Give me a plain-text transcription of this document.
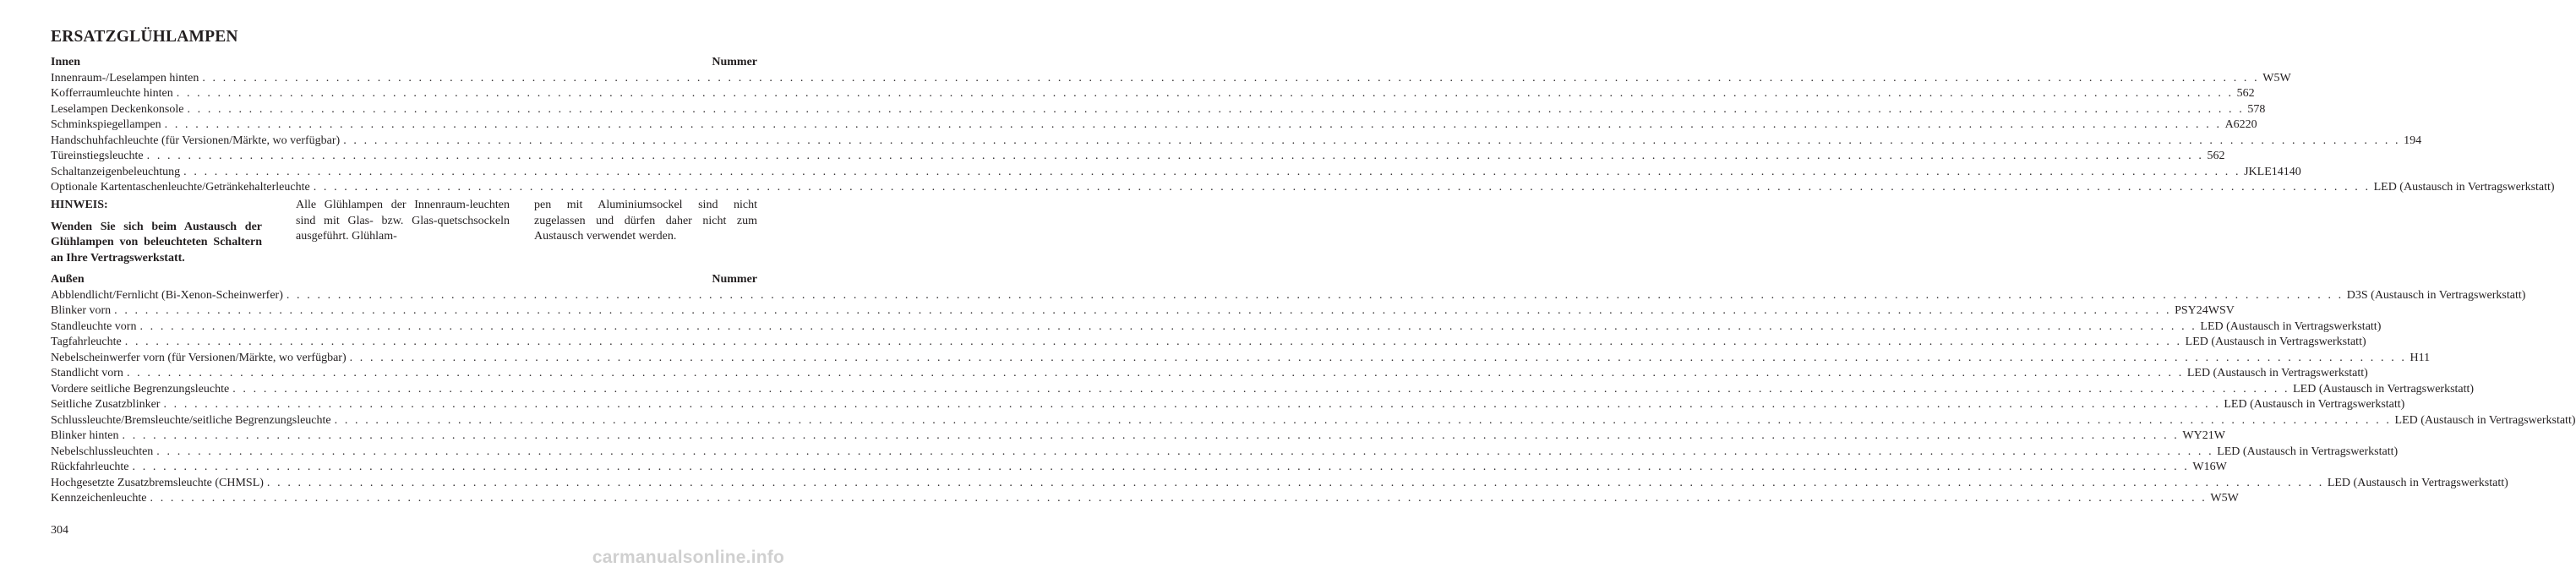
ERSATZGLÜHLAMPEN
Innen	Nummer
Innenraum-/Leselampen hinten . . . . . . . . . . . . . . . . . . . . . . . . . . . . . . . . . . . . . . . . . . . . . . . . . . . . . . . . . . . . . . . . . . . . . . . . . . . . . . . . . . . . . . . . . . . . . . . . . . . . . . . . . . . . . . . . . . . . . . . . . . . . . . . . . . . . . . . . . . . . . . . . . . . . . . . . . . . . . . . . . . . . . . . . . . . . . . . . . . . . . . . . . . . . . . . . . . . . . . . . W5W
Kofferraumleuchte hinten . . . . . . . . . . . . . . . . . . . . . . . . . . . . . . . . . . . . . . . . . . . . . . . . . . . . . . . . . . . . . . . . . . . . . . . . . . . . . . . . . . . . . . . . . . . . . . . . . . . . . . . . . . . . . . . . . . . . . . . . . . . . . . . . . . . . . . . . . . . . . . . . . . . . . . . . . . . . . . . . . . . . . . . . . . . . . . . . . . . . . . . . . . . . . . . . . . . . . . . . 562
Leselampen Deckenkonsole . . . . . . . . . . . . . . . . . . . . . . . . . . . . . . . . . . . . . . . . . . . . . . . . . . . . . . . . . . . . . . . . . . . . . . . . . . . . . . . . . . . . . . . . . . . . . . . . . . . . . . . . . . . . . . . . . . . . . . . . . . . . . . . . . . . . . . . . . . . . . . . . . . . . . . . . . . . . . . . . . . . . . . . . . . . . . . . . . . . . . . . . . . . . . . . . . . . . . . . . 578
Schminkspiegellampen . . . . . . . . . . . . . . . . . . . . . . . . . . . . . . . . . . . . . . . . . . . . . . . . . . . . . . . . . . . . . . . . . . . . . . . . . . . . . . . . . . . . . . . . . . . . . . . . . . . . . . . . . . . . . . . . . . . . . . . . . . . . . . . . . . . . . . . . . . . . . . . . . . . . . . . . . . . . . . . . . . . . . . . . . . . . . . . . . . . . . . . . . . . . . . . . . . . . . . . . A6220
Handschuhfachleuchte (für Versionen/Märkte, wo verfügbar) . . . . . . . . . . . . . . . . . . . . . . . . . . . . . . . . . . . . . . . . . . . . . . . . . . . . . . . . . . . . . . . . . . . . . . . . . . . . . . . . . . . . . . . . . . . . . . . . . . . . . . . . . . . . . . . . . . . . . . . . . . . . . . . . . . . . . . . . . . . . . . . . . . . . . . . . . . . . . . . . . . . . . . . . . . . . . . . . . . . . . . . . . . . . . . . . . . . . . . . . 194
Türeinstiegsleuchte . . . . . . . . . . . . . . . . . . . . . . . . . . . . . . . . . . . . . . . . . . . . . . . . . . . . . . . . . . . . . . . . . . . . . . . . . . . . . . . . . . . . . . . . . . . . . . . . . . . . . . . . . . . . . . . . . . . . . . . . . . . . . . . . . . . . . . . . . . . . . . . . . . . . . . . . . . . . . . . . . . . . . . . . . . . . . . . . . . . . . . . . . . . . . . . . . . . . . . . . 562
Schaltanzeigenbeleuchtung . . . . . . . . . . . . . . . . . . . . . . . . . . . . . . . . . . . . . . . . . . . . . . . . . . . . . . . . . . . . . . . . . . . . . . . . . . . . . . . . . . . . . . . . . . . . . . . . . . . . . . . . . . . . . . . . . . . . . . . . . . . . . . . . . . . . . . . . . . . . . . . . . . . . . . . . . . . . . . . . . . . . . . . . . . . . . . . . . . . . . . . . . . . . . . . . . . . . . . . . JKLE14140
Optionale Kartentaschenleuchte/Getränkehalterleuchte . . . . . . . . . . . . . . . . . . . . . . . . . . . . . . . . . . . . . . . . . . . . . . . . . . . . . . . . . . . . . . . . . . . . . . . . . . . . . . . . . . . . . . . . . . . . . . . . . . . . . . . . . . . . . . . . . . . . . . . . . . . . . . . . . . . . . . . . . . . . . . . . . . . . . . . . . . . . . . . . . . . . . . . . . . . . . . . . . . . . . . . . . . . . . . . . . . . . . . . . LED (Austausch in Vertragswerkstatt)
HINWEIS:
Wenden Sie sich beim Austausch der Glühlampen von beleuchteten Schaltern an Ihre Vertragswerkstatt.
Alle Glühlampen der Innenraum-leuchten sind mit Glas- bzw. Glas-quetschsockeln ausgeführt. Glühlam-
pen mit Aluminiumsockel sind nicht zugelassen und dürfen daher nicht zum Austausch verwendet werden.
Außen	Nummer
Abblendlicht/Fernlicht (Bi-Xenon-Scheinwerfer) . . . . . . . . . . . . . . . . . . . . . . . . . . . . . . . . . . . . . . . . . . . . . . . . . . . . . . . . . . . . . . . . . . . . . . . . . . . . . . . . . . . . . . . . . . . . . . . . . . . . . . . . . . . . . . . . . . . . . . . . . . . . . . . . . . . . . . . . . . . . . . . . . . . . . . . . . . . . . . . . . . . . . . . . . . . . . . . . . . . . . . . . . . . . . . . . . . . . . . . . D3S (Austausch in Vertragswerkstatt)
Blinker vorn . . . . . . . . . . . . . . . . . . . . . . . . . . . . . . . . . . . . . . . . . . . . . . . . . . . . . . . . . . . . . . . . . . . . . . . . . . . . . . . . . . . . . . . . . . . . . . . . . . . . . . . . . . . . . . . . . . . . . . . . . . . . . . . . . . . . . . . . . . . . . . . . . . . . . . . . . . . . . . . . . . . . . . . . . . . . . . . . . . . . . . . . . . . . . . . . . . . . . . . . PSY24WSV
Standleuchte vorn . . . . . . . . . . . . . . . . . . . . . . . . . . . . . . . . . . . . . . . . . . . . . . . . . . . . . . . . . . . . . . . . . . . . . . . . . . . . . . . . . . . . . . . . . . . . . . . . . . . . . . . . . . . . . . . . . . . . . . . . . . . . . . . . . . . . . . . . . . . . . . . . . . . . . . . . . . . . . . . . . . . . . . . . . . . . . . . . . . . . . . . . . . . . . . . . . . . . . . . . LED (Austausch in Vertragswerkstatt)
Tagfahrleuchte . . . . . . . . . . . . . . . . . . . . . . . . . . . . . . . . . . . . . . . . . . . . . . . . . . . . . . . . . . . . . . . . . . . . . . . . . . . . . . . . . . . . . . . . . . . . . . . . . . . . . . . . . . . . . . . . . . . . . . . . . . . . . . . . . . . . . . . . . . . . . . . . . . . . . . . . . . . . . . . . . . . . . . . . . . . . . . . . . . . . . . . . . . . . . . . . . . . . . . . . LED (Austausch in Vertragswerkstatt)
Nebelscheinwerfer vorn (für Versionen/Märkte, wo verfügbar) . . . . . . . . . . . . . . . . . . . . . . . . . . . . . . . . . . . . . . . . . . . . . . . . . . . . . . . . . . . . . . . . . . . . . . . . . . . . . . . . . . . . . . . . . . . . . . . . . . . . . . . . . . . . . . . . . . . . . . . . . . . . . . . . . . . . . . . . . . . . . . . . . . . . . . . . . . . . . . . . . . . . . . . . . . . . . . . . . . . . . . . . . . . . . . . . . . . . . . . . H11
Standlicht vorn . . . . . . . . . . . . . . . . . . . . . . . . . . . . . . . . . . . . . . . . . . . . . . . . . . . . . . . . . . . . . . . . . . . . . . . . . . . . . . . . . . . . . . . . . . . . . . . . . . . . . . . . . . . . . . . . . . . . . . . . . . . . . . . . . . . . . . . . . . . . . . . . . . . . . . . . . . . . . . . . . . . . . . . . . . . . . . . . . . . . . . . . . . . . . . . . . . . . . . . . LED (Austausch in Vertragswerkstatt)
Vordere seitliche Begrenzungsleuchte . . . . . . . . . . . . . . . . . . . . . . . . . . . . . . . . . . . . . . . . . . . . . . . . . . . . . . . . . . . . . . . . . . . . . . . . . . . . . . . . . . . . . . . . . . . . . . . . . . . . . . . . . . . . . . . . . . . . . . . . . . . . . . . . . . . . . . . . . . . . . . . . . . . . . . . . . . . . . . . . . . . . . . . . . . . . . . . . . . . . . . . . . . . . . . . . . . . . . . . . LED (Austausch in Vertragswerkstatt)
Seitliche Zusatzblinker . . . . . . . . . . . . . . . . . . . . . . . . . . . . . . . . . . . . . . . . . . . . . . . . . . . . . . . . . . . . . . . . . . . . . . . . . . . . . . . . . . . . . . . . . . . . . . . . . . . . . . . . . . . . . . . . . . . . . . . . . . . . . . . . . . . . . . . . . . . . . . . . . . . . . . . . . . . . . . . . . . . . . . . . . . . . . . . . . . . . . . . . . . . . . . . . . . . . . . . . LED (Austausch in Vertragswerkstatt)
Schlussleuchte/Bremsleuchte/seitliche Begrenzungsleuchte . . . . . . . . . . . . . . . . . . . . . . . . . . . . . . . . . . . . . . . . . . . . . . . . . . . . . . . . . . . . . . . . . . . . . . . . . . . . . . . . . . . . . . . . . . . . . . . . . . . . . . . . . . . . . . . . . . . . . . . . . . . . . . . . . . . . . . . . . . . . . . . . . . . . . . . . . . . . . . . . . . . . . . . . . . . . . . . . . . . . . . . . . . . . . . . . . . . . . . . . LED (Austausch in Vertragswerkstatt)
Blinker hinten . . . . . . . . . . . . . . . . . . . . . . . . . . . . . . . . . . . . . . . . . . . . . . . . . . . . . . . . . . . . . . . . . . . . . . . . . . . . . . . . . . . . . . . . . . . . . . . . . . . . . . . . . . . . . . . . . . . . . . . . . . . . . . . . . . . . . . . . . . . . . . . . . . . . . . . . . . . . . . . . . . . . . . . . . . . . . . . . . . . . . . . . . . . . . . . . . . . . . . . . WY21W
Nebelschlussleuchten . . . . . . . . . . . . . . . . . . . . . . . . . . . . . . . . . . . . . . . . . . . . . . . . . . . . . . . . . . . . . . . . . . . . . . . . . . . . . . . . . . . . . . . . . . . . . . . . . . . . . . . . . . . . . . . . . . . . . . . . . . . . . . . . . . . . . . . . . . . . . . . . . . . . . . . . . . . . . . . . . . . . . . . . . . . . . . . . . . . . . . . . . . . . . . . . . . . . . . . . LED (Austausch in Vertragswerkstatt)
Rückfahrleuchte . . . . . . . . . . . . . . . . . . . . . . . . . . . . . . . . . . . . . . . . . . . . . . . . . . . . . . . . . . . . . . . . . . . . . . . . . . . . . . . . . . . . . . . . . . . . . . . . . . . . . . . . . . . . . . . . . . . . . . . . . . . . . . . . . . . . . . . . . . . . . . . . . . . . . . . . . . . . . . . . . . . . . . . . . . . . . . . . . . . . . . . . . . . . . . . . . . . . . . . . W16W
Hochgesetzte Zusatzbremsleuchte (CHMSL) . . . . . . . . . . . . . . . . . . . . . . . . . . . . . . . . . . . . . . . . . . . . . . . . . . . . . . . . . . . . . . . . . . . . . . . . . . . . . . . . . . . . . . . . . . . . . . . . . . . . . . . . . . . . . . . . . . . . . . . . . . . . . . . . . . . . . . . . . . . . . . . . . . . . . . . . . . . . . . . . . . . . . . . . . . . . . . . . . . . . . . . . . . . . . . . . . . . . . . . . LED (Austausch in Vertragswerkstatt)
Kennzeichenleuchte . . . . . . . . . . . . . . . . . . . . . . . . . . . . . . . . . . . . . . . . . . . . . . . . . . . . . . . . . . . . . . . . . . . . . . . . . . . . . . . . . . . . . . . . . . . . . . . . . . . . . . . . . . . . . . . . . . . . . . . . . . . . . . . . . . . . . . . . . . . . . . . . . . . . . . . . . . . . . . . . . . . . . . . . . . . . . . . . . . . . . . . . . . . . . . . . . . . . . . . . W5W
304
carmanualsonline.info
